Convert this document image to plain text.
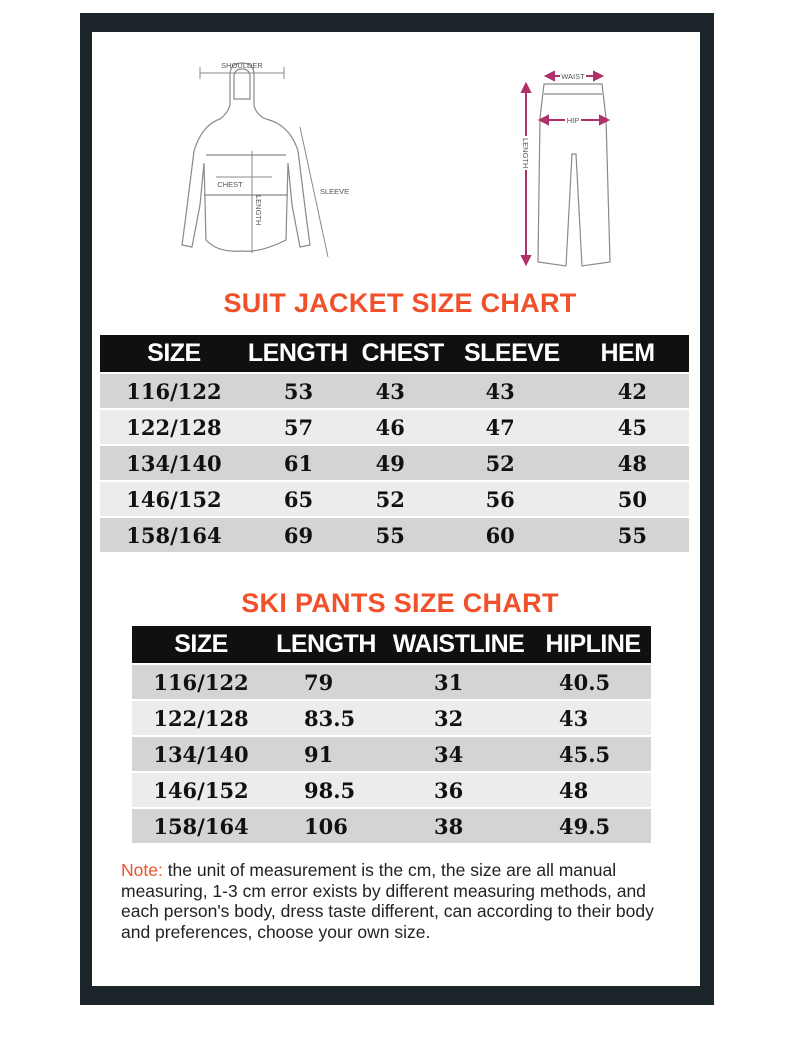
SHOULDER
CHEST
LENGTH
SLEEVE
WAIST
HIP
LENGTH
SUIT JACKET SIZE CHART
SIZE	LENGTH	CHEST	SLEEVE	HEM
116/122	53	43	43	42
122/128	57	46	47	45
134/140	61	49	52	48
146/152	65	52	56	50
158/164	69	55	60	55
SKI PANTS SIZE CHART
SIZE	LENGTH	WAISTLINE	HIPLINE
116/122	79	31	40.5
122/128	83.5	32	43
134/140	91	34	45.5
146/152	98.5	36	48
158/164	106	38	49.5
Note: the unit of measurement is the cm, the size are all manual measuring, 1-3 cm error exists by different measuring methods, and each person's body, dress taste different, can according to their body and preferences, choose your own size.
